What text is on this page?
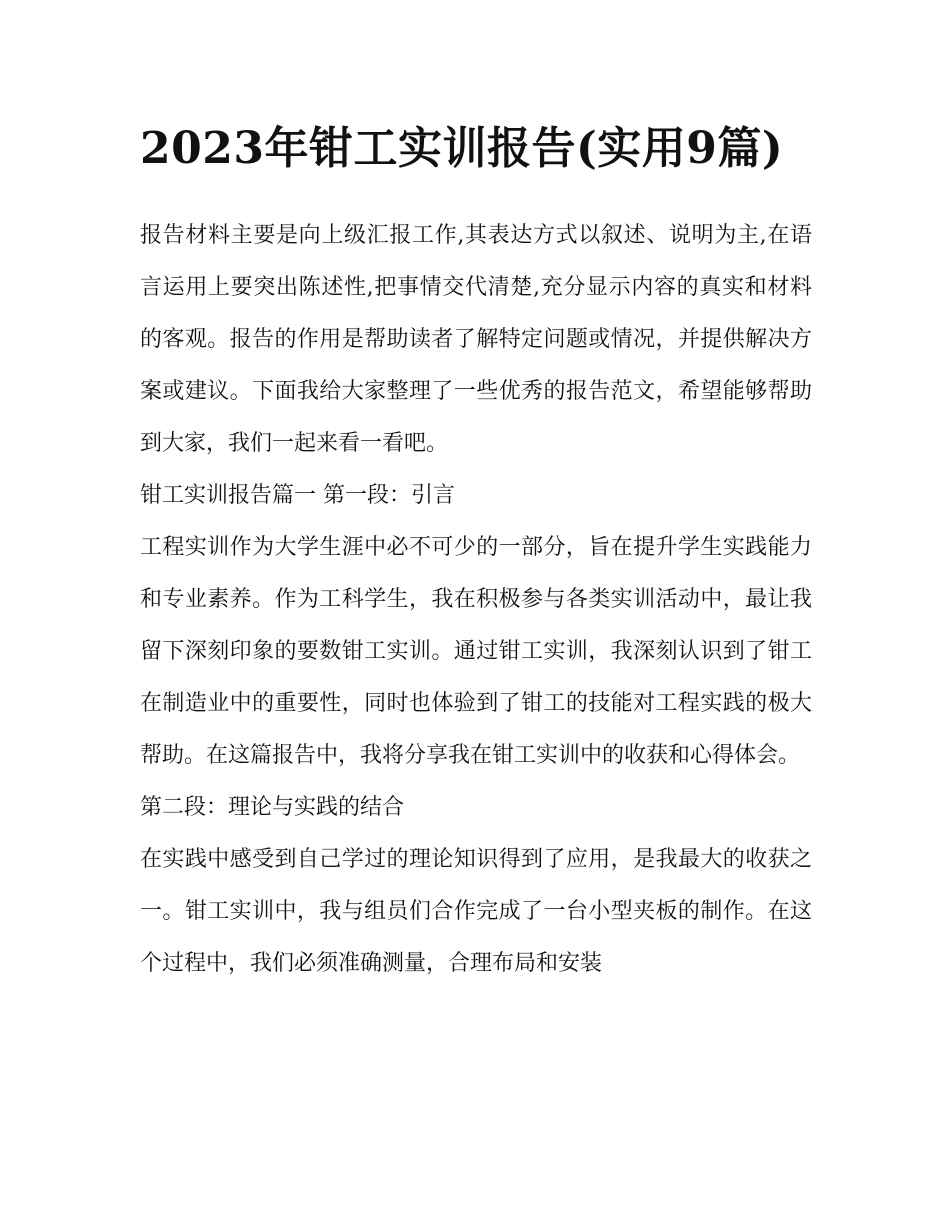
2023年钳工实训报告(实用9篇)

报告材料主要是向上级汇报工作,其表达方式以叙述、说明为主,在语言运用上要突出陈述性,把事情交代清楚,充分显示内容的真实和材料的客观。报告的作用是帮助读者了解特定问题或情况，并提供解决方案或建议。下面我给大家整理了一些优秀的报告范文，希望能够帮助到大家，我们一起来看一看吧。

钳工实训报告篇一 第一段：引言

工程实训作为大学生涯中必不可少的一部分，旨在提升学生实践能力和专业素养。作为工科学生，我在积极参与各类实训活动中，最让我留下深刻印象的要数钳工实训。通过钳工实训，我深刻认识到了钳工在制造业中的重要性，同时也体验到了钳工的技能对工程实践的极大帮助。在这篇报告中，我将分享我在钳工实训中的收获和心得体会。

第二段：理论与实践的结合

在实践中感受到自己学过的理论知识得到了应用，是我最大的收获之一。钳工实训中，我与组员们合作完成了一台小型夹板的制作。在这个过程中，我们必须准确测量，合理布局和安装
